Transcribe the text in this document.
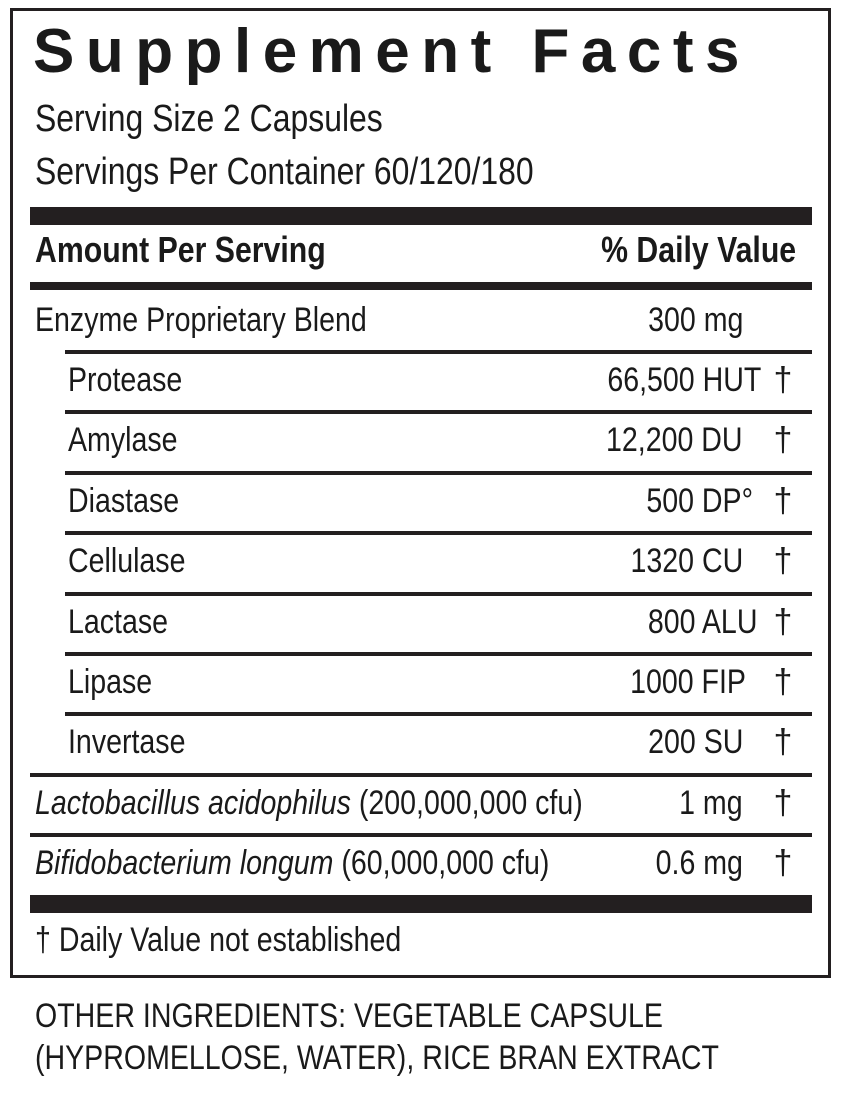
Supplement Facts
Serving Size 2 Capsules
Servings Per Container 60/120/180
Amount Per Serving	% Daily Value
Enzyme Proprietary Blend	300 mg
Protease	66,500 HUT †
Amylase	12,200 DU †
Diastase	500 DP° †
Cellulase	1320 CU †
Lactase	800 ALU †
Lipase	1000 FIP †
Invertase	200 SU †
Lactobacillus acidophilus (200,000,000 cfu)	1 mg †
Bifidobacterium longum (60,000,000 cfu)	0.6 mg †
† Daily Value not established
OTHER INGREDIENTS: VEGETABLE CAPSULE
(HYPROMELLOSE, WATER), RICE BRAN EXTRACT
